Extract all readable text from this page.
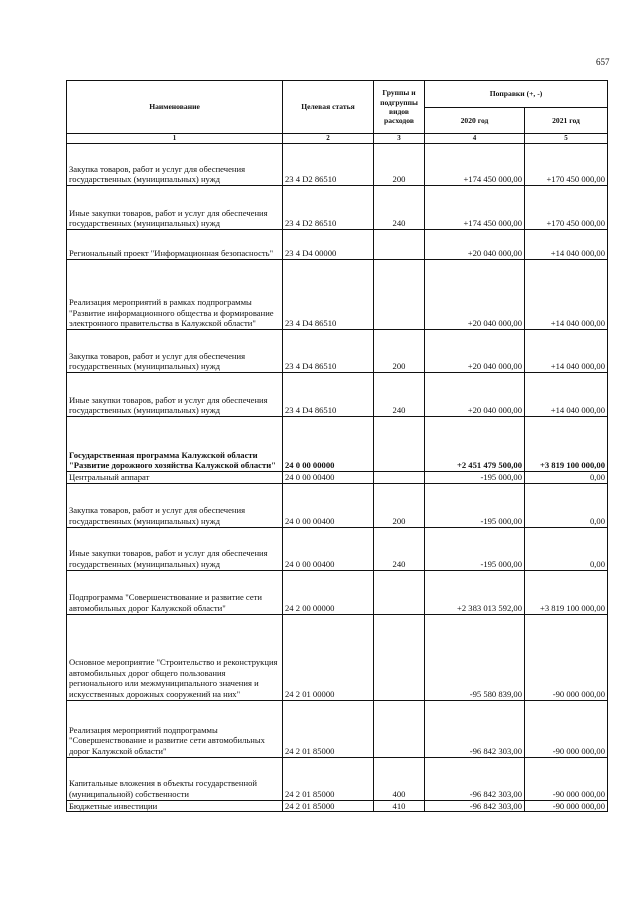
657
Наименование	Целевая статья	Группы и подгруппы видов расходов	Поправки (+, -)	
			2020 год	2021 год
1	2	3	4	5
Закупка товаров, работ и услуг для обеспечения государственных (муниципальных) нужд	23 4 D2 86510	200	+174 450 000,00	+170 450 000,00
Иные закупки товаров, работ и услуг для обеспечения государственных (муниципальных) нужд	23 4 D2 86510	240	+174 450 000,00	+170 450 000,00
Региональный проект "Информационная безопасность"	23 4 D4 00000		+20 040 000,00	+14 040 000,00
Реализация мероприятий в рамках подпрограммы "Развитие информационного общества и формирование электронного правительства в Калужской области"	23 4 D4 86510		+20 040 000,00	+14 040 000,00
Закупка товаров, работ и услуг для обеспечения государственных (муниципальных) нужд	23 4 D4 86510	200	+20 040 000,00	+14 040 000,00
Иные закупки товаров, работ и услуг для обеспечения государственных (муниципальных) нужд	23 4 D4 86510	240	+20 040 000,00	+14 040 000,00
Государственная программа Калужской области "Развитие дорожного хозяйства Калужской области"	24 0 00 00000		+2 451 479 500,00	+3 819 100 000,00
Центральный аппарат	24 0 00 00400		-195 000,00	0,00
Закупка товаров, работ и услуг для обеспечения государственных (муниципальных) нужд	24 0 00 00400	200	-195 000,00	0,00
Иные закупки товаров, работ и услуг для обеспечения государственных (муниципальных) нужд	24 0 00 00400	240	-195 000,00	0,00
Подпрограмма "Совершенствование и развитие сети автомобильных дорог Калужской области"	24 2 00 00000		+2 383 013 592,00	+3 819 100 000,00
Основное мероприятие "Строительство и реконструкция автомобильных дорог общего пользования регионального или межмуниципального значения и искусственных дорожных сооружений на них"	24 2 01 00000		-95 580 839,00	-90 000 000,00
Реализация мероприятий подпрограммы "Совершенствование и развитие сети автомобильных дорог Калужской области"	24 2 01 85000		-96 842 303,00	-90 000 000,00
Капитальные вложения в объекты государственной (муниципальной) собственности	24 2 01 85000	400	-96 842 303,00	-90 000 000,00
Бюджетные инвестиции	24 2 01 85000	410	-96 842 303,00	-90 000 000,00
